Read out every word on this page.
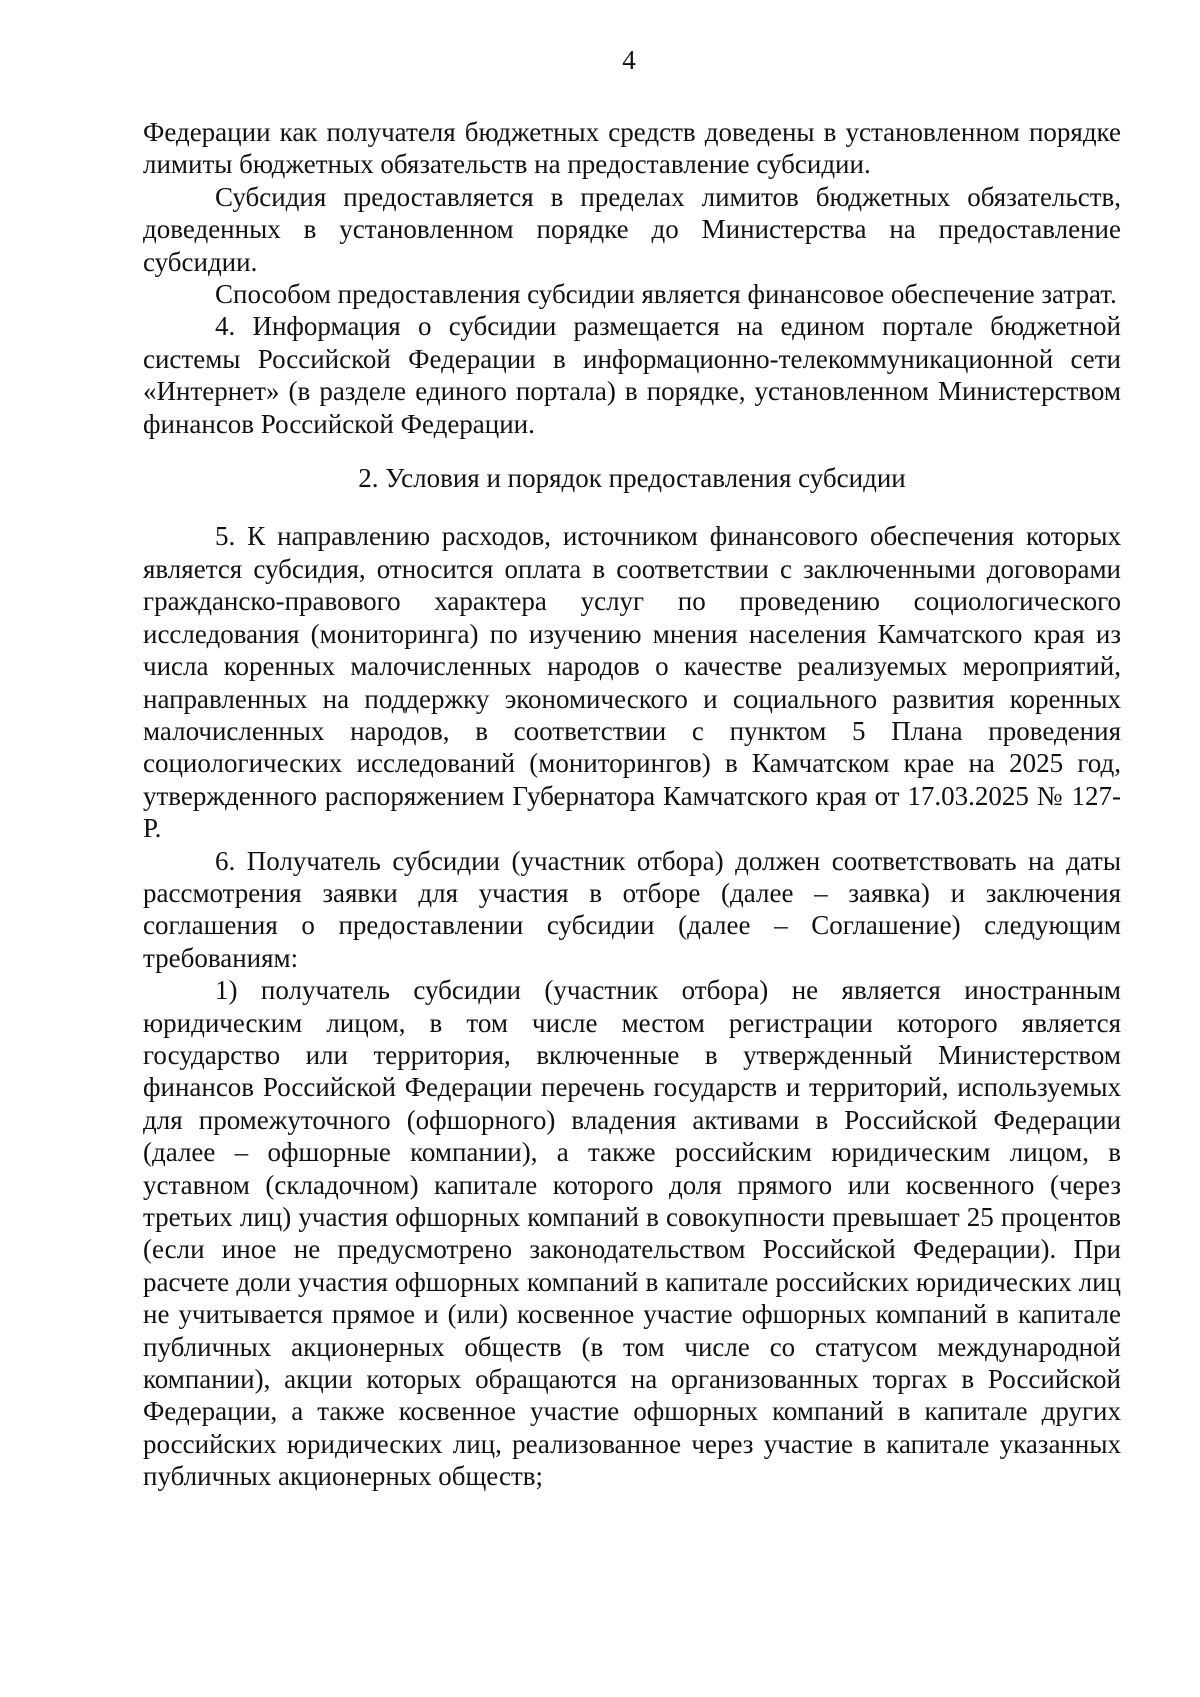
4

Федерации как получателя бюджетных средств доведены в установленном порядке лимиты бюджетных обязательств на предоставление субсидии.

Субсидия предоставляется в пределах лимитов бюджетных обязательств, доведенных в установленном порядке до Министерства на предоставление субсидии.

Способом предоставления субсидии является финансовое обеспечение затрат.

4. Информация о субсидии размещается на едином портале бюджетной системы Российской Федерации в информационно-телекоммуникационной сети «Интернет» (в разделе единого портала) в порядке, установленном Министерством финансов Российской Федерации.

2. Условия и порядок предоставления субсидии

5. К направлению расходов, источником финансового обеспечения которых является субсидия, относится оплата в соответствии с заключенными договорами гражданско-правового характера услуг по проведению социологического исследования (мониторинга) по изучению мнения населения Камчатского края из числа коренных малочисленных народов о качестве реализуемых мероприятий, направленных на поддержку экономического и социального развития коренных малочисленных народов, в соответствии с пунктом 5 Плана проведения социологических исследований (мониторингов) в Камчатском крае на 2025 год, утвержденного распоряжением Губернатора Камчатского края от 17.03.2025 № 127-Р.

6. Получатель субсидии (участник отбора) должен соответствовать на даты рассмотрения заявки для участия в отборе (далее – заявка) и заключения соглашения о предоставлении субсидии (далее – Соглашение) следующим требованиям:

1) получатель субсидии (участник отбора) не является иностранным юридическим лицом, в том числе местом регистрации которого является государство или территория, включенные в утвержденный Министерством финансов Российской Федерации перечень государств и территорий, используемых для промежуточного (офшорного) владения активами в Российской Федерации (далее – офшорные компании), а также российским юридическим лицом, в уставном (складочном) капитале которого доля прямого или косвенного (через третьих лиц) участия офшорных компаний в совокупности превышает 25 процентов (если иное не предусмотрено законодательством Российской Федерации). При расчете доли участия офшорных компаний в капитале российских юридических лиц не учитывается прямое и (или) косвенное участие офшорных компаний в капитале публичных акционерных обществ (в том числе со статусом международной компании), акции которых обращаются на организованных торгах в Российской Федерации, а также косвенное участие офшорных компаний в капитале других российских юридических лиц, реализованное через участие в капитале указанных публичных акционерных обществ;
